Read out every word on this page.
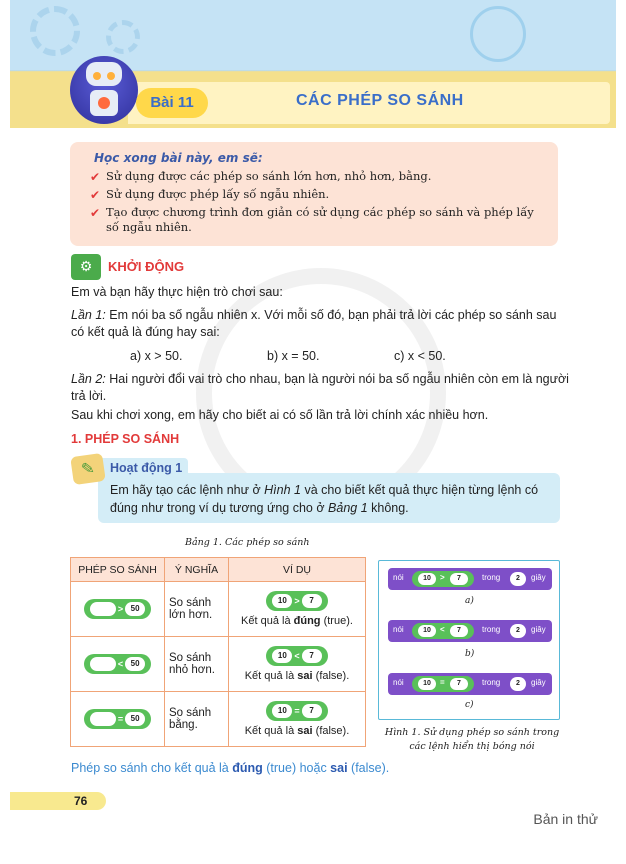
Bài 11	CÁC PHÉP SO SÁNH
Học xong bài này, em sẽ:
✔ Sử dụng được các phép so sánh lớn hơn, nhỏ hơn, bằng.
✔ Sử dụng được phép lấy số ngẫu nhiên.
✔ Tạo được chương trình đơn giản có sử dụng các phép so sánh và phép lấy số ngẫu nhiên.
⚙	KHỞI ĐỘNG
Em và bạn hãy thực hiện trò chơi sau:
Lần 1: Em nói ba số ngẫu nhiên x. Với mỗi số đó, bạn phải trả lời các phép so sánh sau có kết quả là đúng hay sai:
a) x > 50.	b) x = 50.	c) x < 50.
Lần 2: Hai người đổi vai trò cho nhau, bạn là người nói ba số ngẫu nhiên còn em là người trả lời.
Sau khi chơi xong, em hãy cho biết ai có số lần trả lời chính xác nhiều hơn.
1. PHÉP SO SÁNH
✎	Hoạt động 1
Em hãy tạo các lệnh như ở Hình 1 và cho biết kết quả thực hiện từng lệnh có đúng như trong ví dụ tương ứng cho ở Bảng 1 không.
Bảng 1. Các phép so sánh
PHÉP SO SÁNH	Ý NGHĨA	VÍ DỤ
> 50	So sánh lớn hơn.	10 > 7
Kết quả là đúng (true).

< 50	So sánh nhỏ hơn.	10 < 7
Kết quả là sai (false).

= 50	So sánh bằng.	10 = 7
Kết quả là sai (false).
nói	10	>	7	trong	2	giây
a)
nói	10	<	7	trong	2	giây
b)
nói	10	=	7	trong	2	giây
c)
Hình 1. Sử dụng phép so sánh trong các lệnh hiển thị bóng nói
Phép so sánh cho kết quả là đúng (true) hoặc sai (false).
76
Bản in thử
